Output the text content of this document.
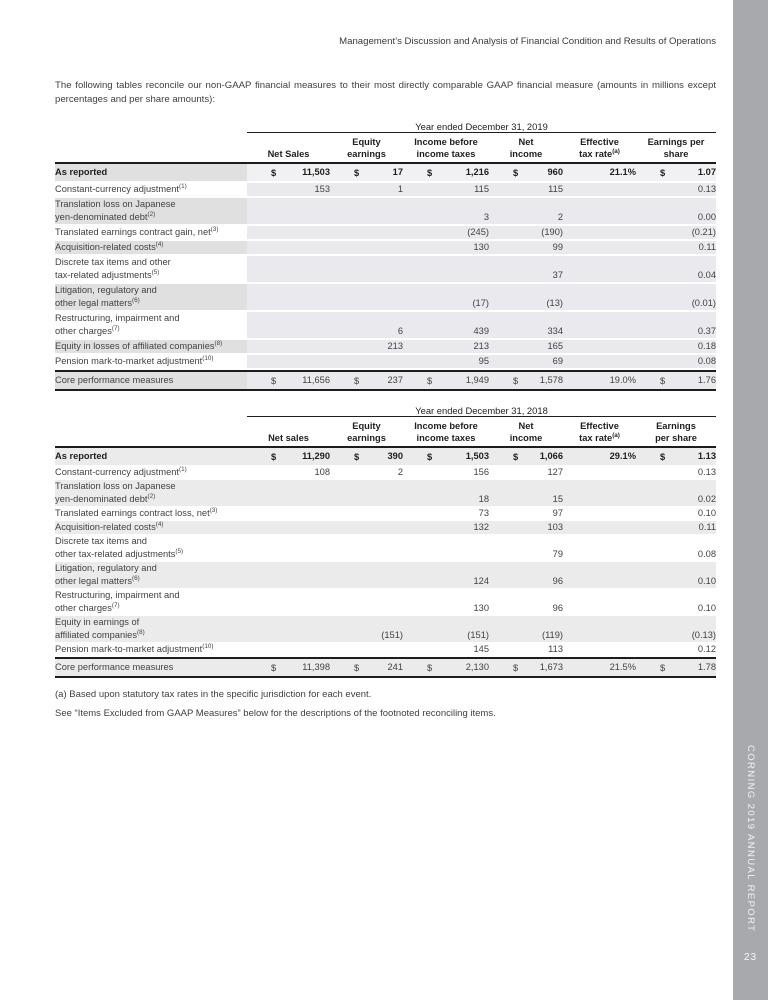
Management’s Discussion and Analysis of Financial Condition and Results of Operations

The following tables reconcile our non-GAAP financial measures to their most directly comparable GAAP financial measure (amounts in millions except percentages and per share amounts):

	Year ended December 31, 2019					
	Net Sales	Equityearnings	Income beforeincome taxes	Netincome	Effectivetax rate$^{(a)}$	Earnings pershare
As reported	$ 11,503	$ 17	$ 1,216	$ 960	21.1%	$ 1.07
Constant-currency adjustment$^{(1)}$	153	1	115	115		0.13
Translation loss on Japaneseyen-denominated debt$^{(2)}$			3	2		0.00
Translated earnings contract gain, net$^{(3)}$			(245)	(190)		(0.21)
Acquisition-related costs$^{(4)}$			130	99		0.11
Discrete tax items and othertax-related adjustments$^{(5)}$				37		0.04
Litigation, regulatory andother legal matters$^{(6)}$			(17)	(13)		(0.01)
Restructuring, impairment andother charges$^{(7)}$		6	439	334		0.37
Equity in losses of affiliated companies$^{(8)}$		213	213	165		0.18
Pension mark-to-market adjustment$^{(10)}$			95	69		0.08
Core performance measures	$ 11,656	$ 237	$ 1,949	$ 1,578	19.0%	$ 1.76
	Year ended December 31, 2018					
	Net sales	Equityearnings	Income beforeincome taxes	Netincome	Effectivetax rate$^{(a)}$	Earningsper share
As reported	$ 11,290	$ 390	$ 1,503	$ 1,066	29.1%	$ 1.13
Constant-currency adjustment$^{(1)}$	108	2	156	127		0.13
Translation loss on Japaneseyen-denominated debt$^{(2)}$			18	15		0.02
Translated earnings contract loss, net$^{(3)}$			73	97		0.10
Acquisition-related costs$^{(4)}$			132	103		0.11
Discrete tax items andother tax-related adjustments$^{(5)}$				79		0.08
Litigation, regulatory andother legal matters$^{(6)}$			124	96		0.10
Restructuring, impairment andother charges$^{(7)}$			130	96		0.10
Equity in earnings ofaffiliated companies$^{(8)}$		(151)	(151)	(119)		(0.13)
Pension mark-to-market adjustment$^{(10)}$			145	113		0.12
Core performance measures	$ 11,398	$ 241	$ 2,130	$ 1,673	21.5%	$ 1.78
(a) Based upon statutory tax rates in the specific jurisdiction for each event.
See “Items Excluded from GAAP Measures” below for the descriptions of the footnoted reconciling items.
CORNING 2019 ANNUAL REPORT
23
